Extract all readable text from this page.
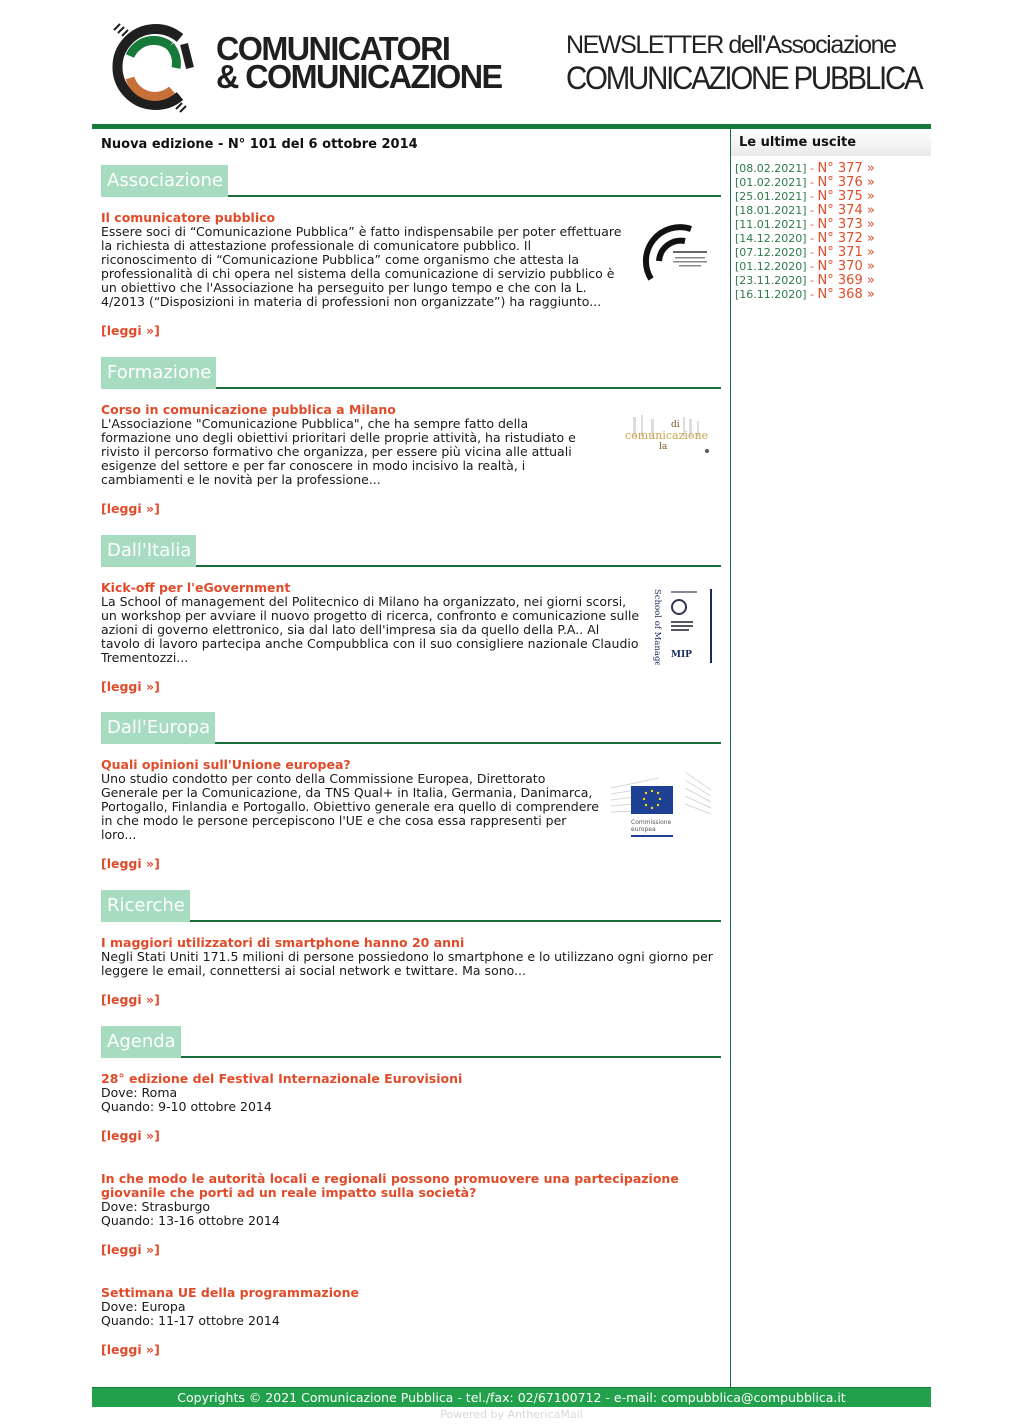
COMUNICATORI
& COMUNICAZIONE
NEWSLETTER dell'Associazione
COMUNICAZIONE PUBBLICA
Nuova edizione - N° 101 del 6 ottobre 2014
Associazione
Il comunicatore pubblico
Essere soci di “Comunicazione Pubblica” è fatto indispensabile per poter effettuare la richiesta di attestazione professionale di comunicatore pubblico. Il riconoscimento di “Comunicazione Pubblica” come organismo che attesta la professionalità di chi opera nel sistema della comunicazione di servizio pubblico è un obiettivo che l'Associazione ha perseguito per lungo tempo e che con la L. 4/2013 (“Disposizioni in materia di professioni non organizzate”) ha raggiunto...
[leggi »]
Formazione
Corso in comunicazione pubblica a Milano
L'Associazione "Comunicazione Pubblica", che ha sempre fatto della formazione uno degli obiettivi prioritari delle proprie attività, ha ristudiato e rivisto il percorso formativo che organizza, per essere più vicina alle attuali esigenze del settore e per far conoscere in modo incisivo la realtà, i cambiamenti e le novità per la professione...
[leggi »]
di
comunicazione
la
Dall'Italia
Kick-off per l'eGovernment
La School of management del Politecnico di Milano ha organizzato, nei giorni scorsi, un workshop per avviare il nuovo progetto di ricerca, confronto e comunicazione sulle azioni di governo elettronico, sia dal lato dell'impresa sia da quello della P.A.. Al tavolo di lavoro partecipa anche Compubblica con il suo consigliere nazionale Claudio Trementozzi...
[leggi »]	School of Management MIP
Dall'Europa
Quali opinioni sull'Unione europea?
Uno studio condotto per conto della Commissione Europea, Direttorato Generale per la Comunicazione, da TNS Qual+ in Italia, Germania, Danimarca, Portogallo, Finlandia e Portogallo. Obiettivo generale era quello di comprendere in che modo le persone percepiscono l'UE e che cosa essa rappresenti per loro...
[leggi »]
Commissione
europea
Ricerche
I maggiori utilizzatori di smartphone hanno 20 anni
Negli Stati Uniti 171.5 milioni di persone possiedono lo smartphone e lo utilizzano ogni giorno per leggere le email, connettersi ai social network e twittare. Ma sono...
[leggi »]
Agenda
28° edizione del Festival Internazionale Eurovisioni
Dove: Roma
Quando: 9-10 ottobre 2014
[leggi »]
In che modo le autorità locali e regionali possono promuovere una partecipazione giovanile che porti ad un reale impatto sulla società?
Dove: Strasburgo
Quando: 13-16 ottobre 2014
[leggi »]
Settimana UE della programmazione
Dove: Europa
Quando: 11-17 ottobre 2014
[leggi »]
Le ultime uscite
[08.02.2021] - N° 377 »
[01.02.2021] - N° 376 »
[25.01.2021] - N° 375 »
[18.01.2021] - N° 374 »
[11.01.2021] - N° 373 »
[14.12.2020] - N° 372 »
[07.12.2020] - N° 371 »
[01.12.2020] - N° 370 »
[23.11.2020] - N° 369 »
[16.11.2020] - N° 368 »
Copyrights © 2021 Comunicazione Pubblica - tel./fax: 02/67100712 - e-mail: compubblica@compubblica.it
Powered by AnthericaMail
